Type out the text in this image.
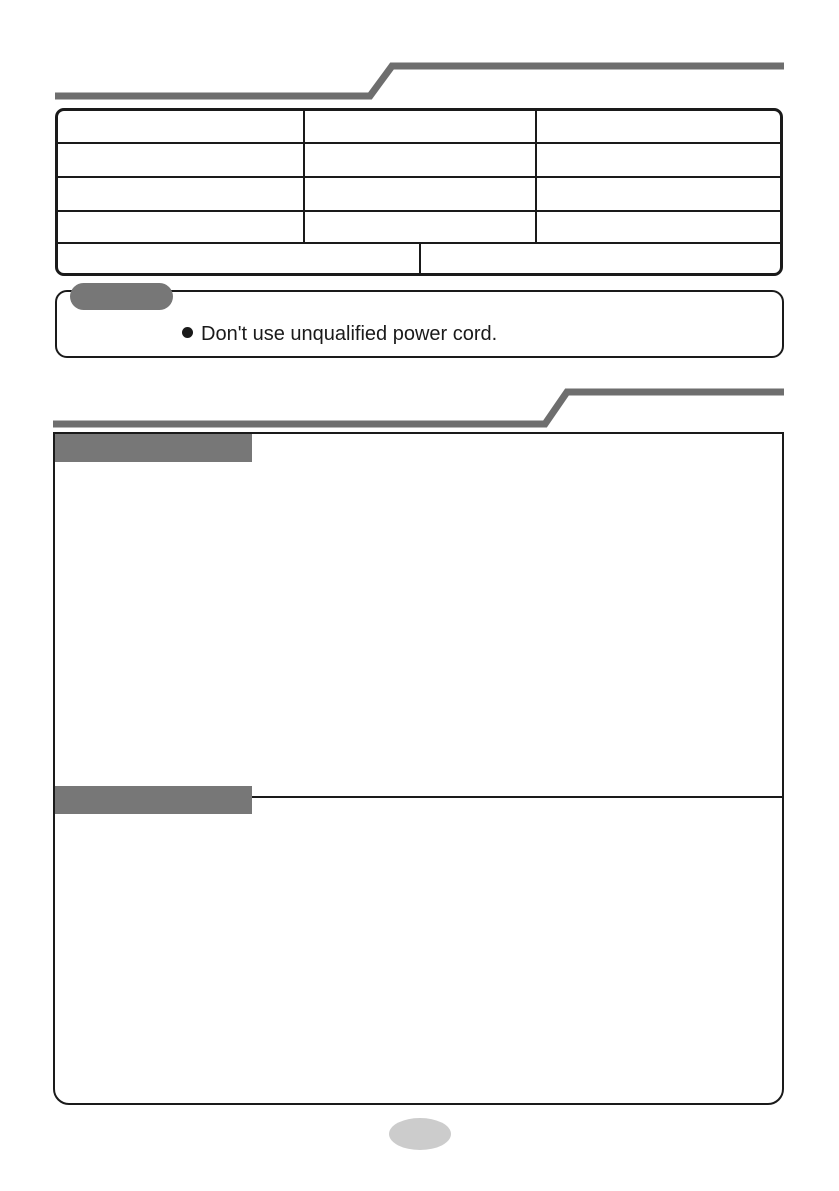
Don't use unqualified power cord.
